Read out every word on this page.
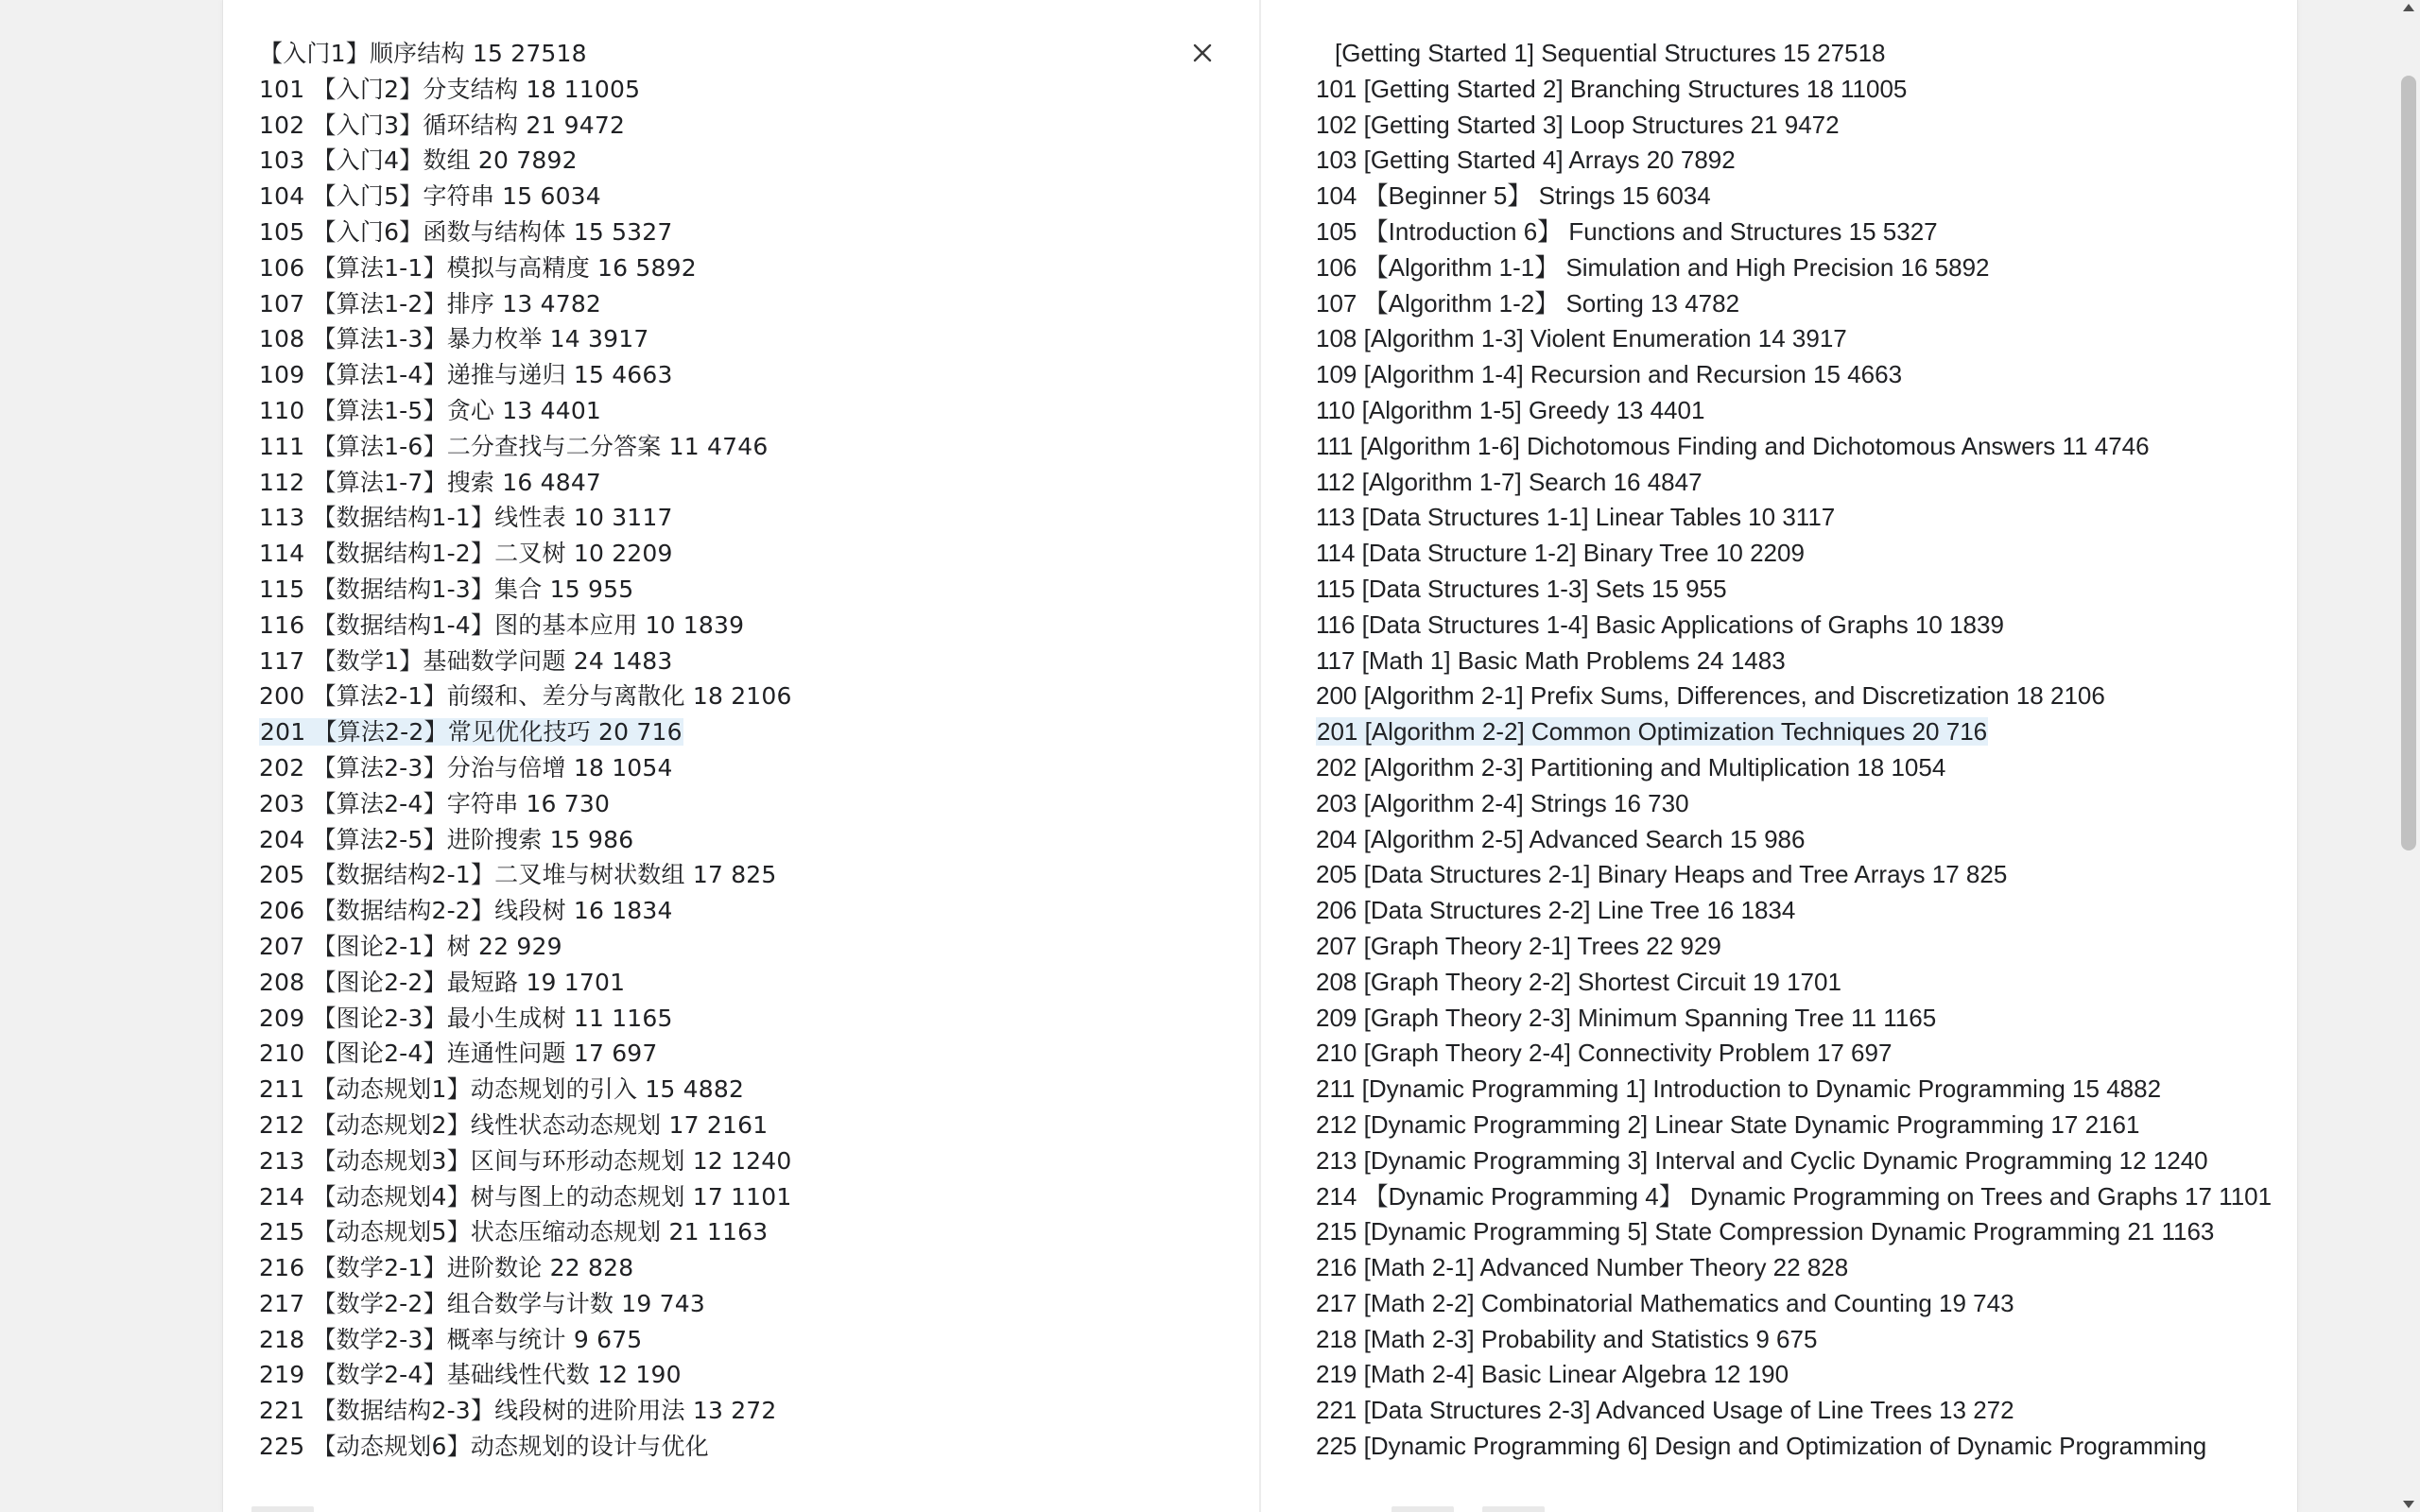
【入门1】顺序结构 15 27518
101 【入门2】分支结构 18 11005
102 【入门3】循环结构 21 9472
103 【入门4】数组 20 7892
104 【入门5】字符串 15 6034
105 【入门6】函数与结构体 15 5327
106 【算法1-1】模拟与高精度 16 5892
107 【算法1-2】排序 13 4782
108 【算法1-3】暴力枚举 14 3917
109 【算法1-4】递推与递归 15 4663
110 【算法1-5】贪心 13 4401
111 【算法1-6】二分查找与二分答案 11 4746
112 【算法1-7】搜索 16 4847
113 【数据结构1-1】线性表 10 3117
114 【数据结构1-2】二叉树 10 2209
115 【数据结构1-3】集合 15 955
116 【数据结构1-4】图的基本应用 10 1839
117 【数学1】基础数学问题 24 1483
200 【算法2-1】前缀和、差分与离散化 18 2106
201 【算法2-2】常见优化技巧 20 716
202 【算法2-3】分治与倍增 18 1054
203 【算法2-4】字符串 16 730
204 【算法2-5】进阶搜索 15 986
205 【数据结构2-1】二叉堆与树状数组 17 825
206 【数据结构2-2】线段树 16 1834
207 【图论2-1】树 22 929
208 【图论2-2】最短路 19 1701
209 【图论2-3】最小生成树 11 1165
210 【图论2-4】连通性问题 17 697
211 【动态规划1】动态规划的引入 15 4882
212 【动态规划2】线性状态动态规划 17 2161
213 【动态规划3】区间与环形动态规划 12 1240
214 【动态规划4】树与图上的动态规划 17 1101
215 【动态规划5】状态压缩动态规划 21 1163
216 【数学2-1】进阶数论 22 828
217 【数学2-2】组合数学与计数 19 743
218 【数学2-3】概率与统计 9 675
219 【数学2-4】基础线性代数 12 190
221 【数据结构2-3】线段树的进阶用法 13 272
225 【动态规划6】动态规划的设计与优化
[Getting Started 1] Sequential Structures 15 27518
101 [Getting Started 2] Branching Structures 18 11005
102 [Getting Started 3] Loop Structures 21 9472
103 [Getting Started 4] Arrays 20 7892
104 【Beginner 5】 Strings 15 6034
105 【Introduction 6】 Functions and Structures 15 5327
106 【Algorithm 1-1】 Simulation and High Precision 16 5892
107 【Algorithm 1-2】 Sorting 13 4782
108 [Algorithm 1-3] Violent Enumeration 14 3917
109 [Algorithm 1-4] Recursion and Recursion 15 4663
110 [Algorithm 1-5] Greedy 13 4401
111 [Algorithm 1-6] Dichotomous Finding and Dichotomous Answers 11 4746
112 [Algorithm 1-7] Search 16 4847
113 [Data Structures 1-1] Linear Tables 10 3117
114 [Data Structure 1-2] Binary Tree 10 2209
115 [Data Structures 1-3] Sets 15 955
116 [Data Structures 1-4] Basic Applications of Graphs 10 1839
117 [Math 1] Basic Math Problems 24 1483
200 [Algorithm 2-1] Prefix Sums, Differences, and Discretization 18 2106
201 [Algorithm 2-2] Common Optimization Techniques 20 716
202 [Algorithm 2-3] Partitioning and Multiplication 18 1054
203 [Algorithm 2-4] Strings 16 730
204 [Algorithm 2-5] Advanced Search 15 986
205 [Data Structures 2-1] Binary Heaps and Tree Arrays 17 825
206 [Data Structures 2-2] Line Tree 16 1834
207 [Graph Theory 2-1] Trees 22 929
208 [Graph Theory 2-2] Shortest Circuit 19 1701
209 [Graph Theory 2-3] Minimum Spanning Tree 11 1165
210 [Graph Theory 2-4] Connectivity Problem 17 697
211 [Dynamic Programming 1] Introduction to Dynamic Programming 15 4882
212 [Dynamic Programming 2] Linear State Dynamic Programming 17 2161
213 [Dynamic Programming 3] Interval and Cyclic Dynamic Programming 12 1240
214 【Dynamic Programming 4】 Dynamic Programming on Trees and Graphs 17 1101
215 [Dynamic Programming 5] State Compression Dynamic Programming 21 1163
216 [Math 2-1] Advanced Number Theory 22 828
217 [Math 2-2] Combinatorial Mathematics and Counting 19 743
218 [Math 2-3] Probability and Statistics 9 675
219 [Math 2-4] Basic Linear Algebra 12 190
221 [Data Structures 2-3] Advanced Usage of Line Trees 13 272
225 [Dynamic Programming 6] Design and Optimization of Dynamic Programming
